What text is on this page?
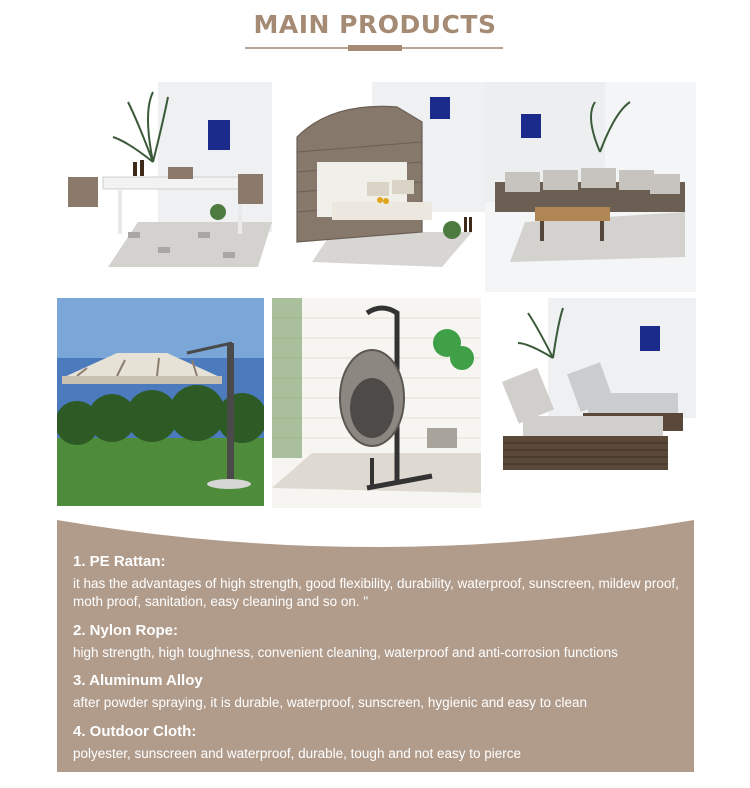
MAIN PRODUCTS
1. PE Rattan:
it has the advantages of high strength, good flexibility, durability, waterproof, sunscreen, mildew proof, moth proof, sanitation, easy cleaning and so on. "
2. Nylon Rope:
high strength, high toughness, convenient cleaning, waterproof and anti-corrosion functions
3. Aluminum Alloy
after powder spraying, it is durable, waterproof, sunscreen, hygienic and easy to clean
4. Outdoor Cloth:
polyester, sunscreen and waterproof, durable, tough and not easy to pierce
